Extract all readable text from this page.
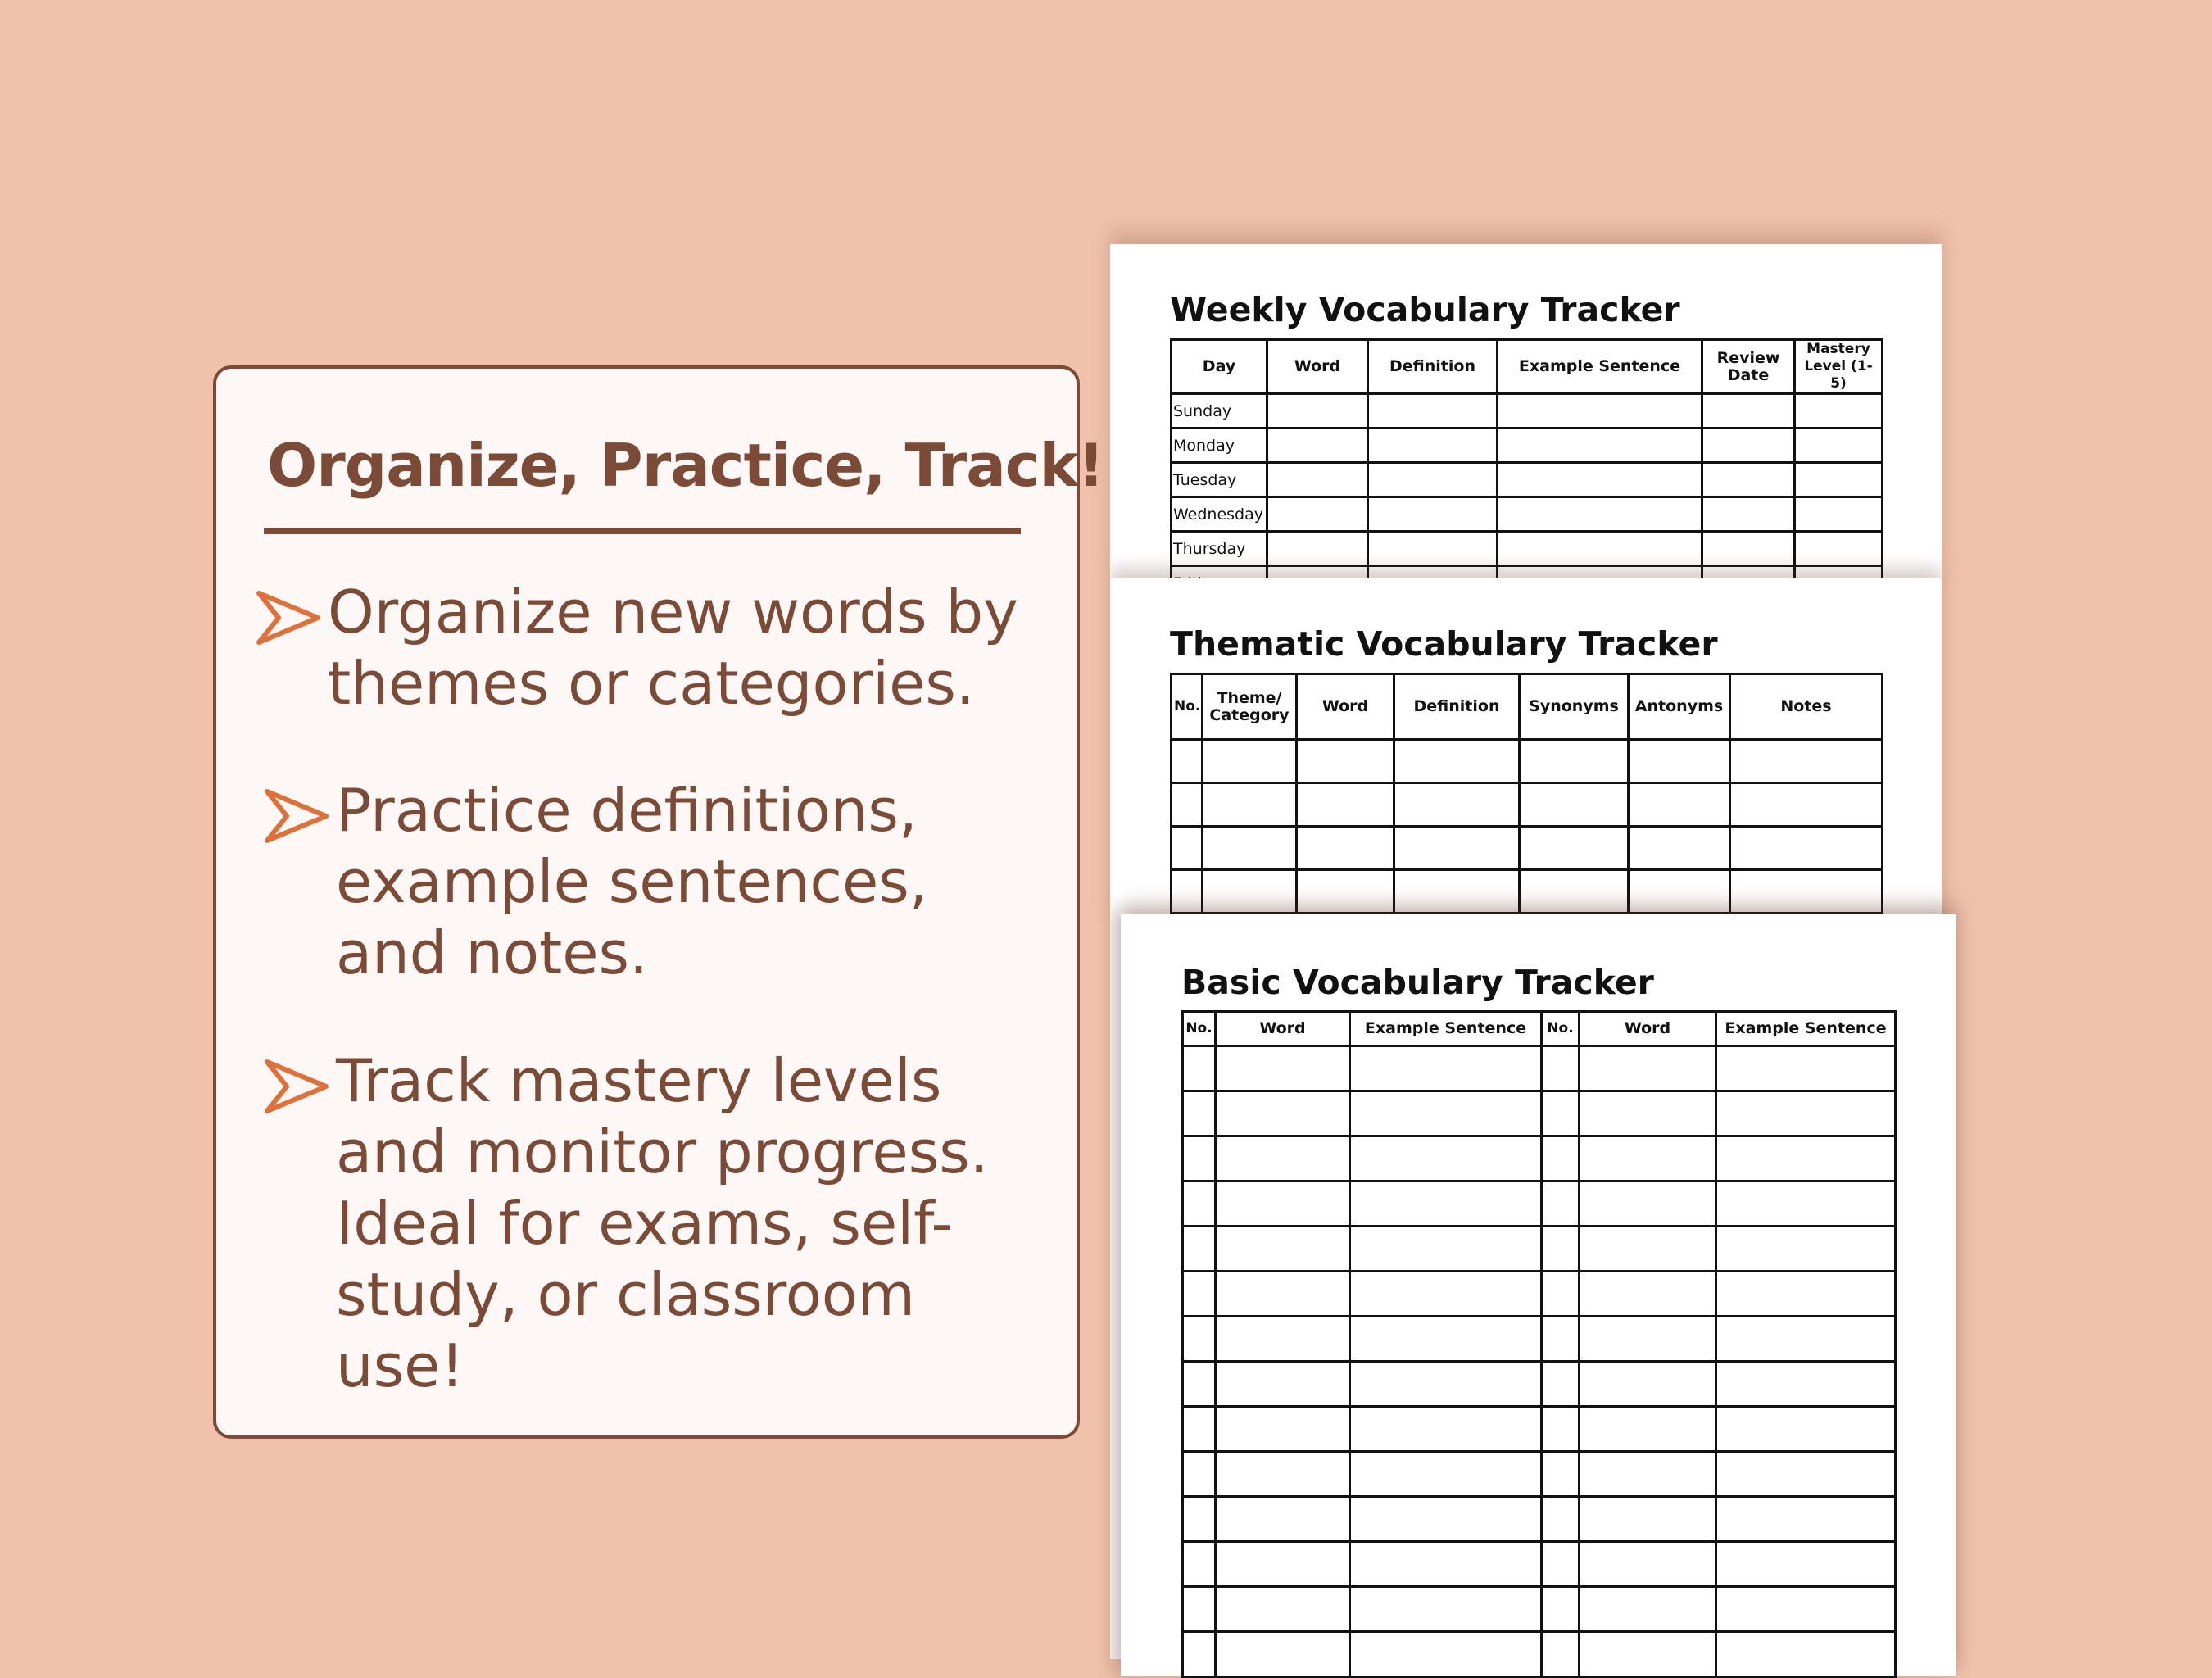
Organize, Practice, Track!

Organize new words by themes or categories.

Practice definitions, example sentences, and notes.

Track mastery levels and monitor progress. Ideal for exams, self-study, or classroom use!

Weekly Vocabulary Tracker
Day	Word	Definition	Example Sentence	Review Date	Mastery Level (1-5)
Sunday					
Monday					
Tuesday					
Wednesday					
Thursday					

Thematic Vocabulary Tracker
No.	Theme/ Category	Word	Definition	Synonyms	Antonyms	Notes

Basic Vocabulary Tracker
No.	Word	Example Sentence	No.	Word	Example Sentence
